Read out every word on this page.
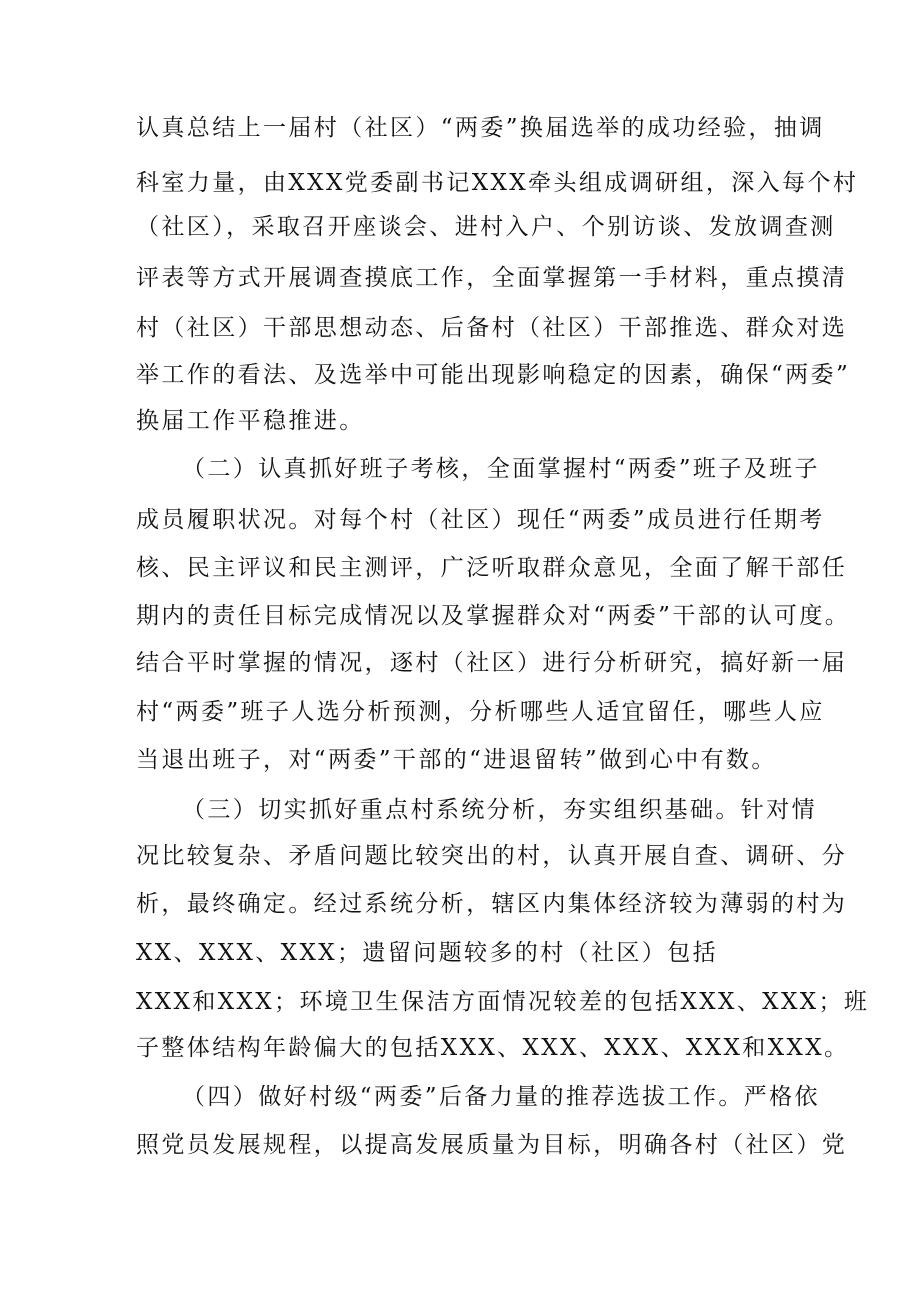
认真总结上一届村（社区）“两委”换届选举的成功经验，抽调
科室力量，由XXX党委副书记XXX牵头组成调研组，深入每个村
（社区），采取召开座谈会、进村入户、个别访谈、发放调查测
评表等方式开展调查摸底工作，全面掌握第一手材料，重点摸清
村（社区）干部思想动态、后备村（社区）干部推选、群众对选
举工作的看法、及选举中可能出现影响稳定的因素，确保“两委”
换届工作平稳推进。
（二）认真抓好班子考核，全面掌握村“两委”班子及班子
成员履职状况。对每个村（社区）现任“两委”成员进行任期考
核、民主评议和民主测评，广泛听取群众意见，全面了解干部任
期内的责任目标完成情况以及掌握群众对“两委”干部的认可度。
结合平时掌握的情况，逐村（社区）进行分析研究，搞好新一届
村“两委”班子人选分析预测，分析哪些人适宜留任，哪些人应
当退出班子，对“两委”干部的“进退留转”做到心中有数。
（三）切实抓好重点村系统分析，夯实组织基础。针对情
况比较复杂、矛盾问题比较突出的村，认真开展自查、调研、分
析，最终确定。经过系统分析，辖区内集体经济较为薄弱的村为
XX、XXX、XXX；遗留问题较多的村（社区）包括
XXX和XXX；环境卫生保洁方面情况较差的包括XXX、XXX；班
子整体结构年龄偏大的包括XXX、XXX、XXX、XXX和XXX。
（四）做好村级“两委”后备力量的推荐选拔工作。严格依
照党员发展规程，以提高发展质量为目标，明确各村（社区）党
